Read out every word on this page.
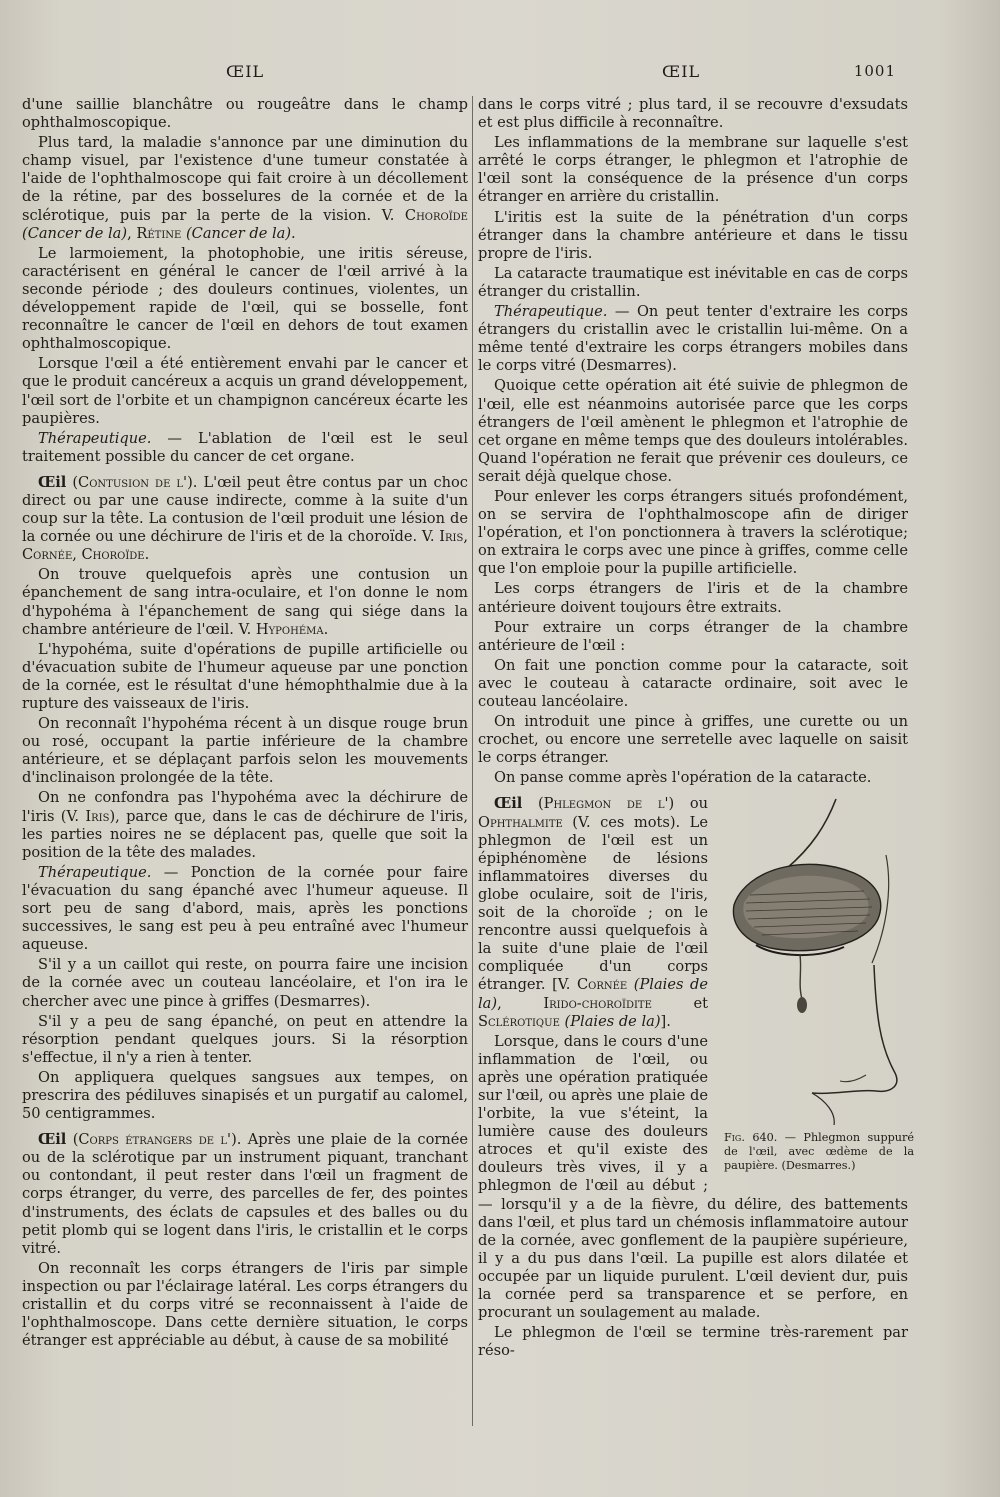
ŒIL	ŒIL	1001

d'une saillie blanchâtre ou rougeâtre dans le champ ophthalmoscopique.

Plus tard, la maladie s'annonce par une diminution du champ visuel, par l'existence d'une tumeur constatée à l'aide de l'ophthalmoscope qui fait croire à un décollement de la rétine, par des bosselures de la cornée et de la sclérotique, puis par la perte de la vision. V. Choroïde (Cancer de la), Rétine (Cancer de la).

Le larmoiement, la photophobie, une iritis séreuse, caractérisent en général le cancer de l'œil arrivé à la seconde période ; des douleurs continues, violentes, un développement rapide de l'œil, qui se bosselle, font reconnaître le cancer de l'œil en dehors de tout examen ophthalmoscopique.

Lorsque l'œil a été entièrement envahi par le cancer et que le produit cancéreux a acquis un grand développement, l'œil sort de l'orbite et un champignon cancéreux écarte les paupières.

Thérapeutique. — L'ablation de l'œil est le seul traitement possible du cancer de cet organe.

Œil (Contusion de l'). L'œil peut être contus par un choc direct ou par une cause indirecte, comme à la suite d'un coup sur la tête. La contusion de l'œil produit une lésion de la cornée ou une déchirure de l'iris et de la choroïde. V. Iris, Cornée, Choroïde.

On trouve quelquefois après une contusion un épanchement de sang intra-oculaire, et l'on donne le nom d'hypohéma à l'épanchement de sang qui siége dans la chambre antérieure de l'œil. V. Hypohéma.

L'hypohéma, suite d'opérations de pupille artificielle ou d'évacuation subite de l'humeur aqueuse par une ponction de la cornée, est le résultat d'une hémophthalmie due à la rupture des vaisseaux de l'iris.

On reconnaît l'hypohéma récent à un disque rouge brun ou rosé, occupant la partie inférieure de la chambre antérieure, et se déplaçant parfois selon les mouvements d'inclinaison prolongée de la tête.

On ne confondra pas l'hypohéma avec la déchirure de l'iris (V. Iris), parce que, dans le cas de déchirure de l'iris, les parties noires ne se déplacent pas, quelle que soit la position de la tête des malades.

Thérapeutique. — Ponction de la cornée pour faire l'évacuation du sang épanché avec l'humeur aqueuse. Il sort peu de sang d'abord, mais, après les ponctions successives, le sang est peu à peu entraîné avec l'humeur aqueuse.

S'il y a un caillot qui reste, on pourra faire une incision de la cornée avec un couteau lancéolaire, et l'on ira le chercher avec une pince à griffes (Desmarres).

S'il y a peu de sang épanché, on peut en attendre la résorption pendant quelques jours. Si la résorption s'effectue, il n'y a rien à tenter.

On appliquera quelques sangsues aux tempes, on prescrira des pédiluves sinapisés et un purgatif au calomel, 50 centigrammes.

Œil (Corps étrangers de l'). Après une plaie de la cornée ou de la sclérotique par un instrument piquant, tranchant ou contondant, il peut rester dans l'œil un fragment de corps étranger, du verre, des parcelles de fer, des pointes d'instruments, des éclats de capsules et des balles ou du petit plomb qui se logent dans l'iris, le cristallin et le corps vitré.

On reconnaît les corps étrangers de l'iris par simple inspection ou par l'éclairage latéral. Les corps étrangers du cristallin et du corps vitré se reconnaissent à l'aide de l'ophthalmoscope. Dans cette dernière situation, le corps étranger est appréciable au début, à cause de sa mobilité

dans le corps vitré ; plus tard, il se recouvre d'exsudats et est plus difficile à reconnaître.

Les inflammations de la membrane sur laquelle s'est arrêté le corps étranger, le phlegmon et l'atrophie de l'œil sont la conséquence de la présence d'un corps étranger en arrière du cristallin.

L'iritis est la suite de la pénétration d'un corps étranger dans la chambre antérieure et dans le tissu propre de l'iris.

La cataracte traumatique est inévitable en cas de corps étranger du cristallin.

Thérapeutique. — On peut tenter d'extraire les corps étrangers du cristallin avec le cristallin lui-même. On a même tenté d'extraire les corps étrangers mobiles dans le corps vitré (Desmarres).

Quoique cette opération ait été suivie de phlegmon de l'œil, elle est néanmoins autorisée parce que les corps étrangers de l'œil amènent le phlegmon et l'atrophie de cet organe en même temps que des douleurs intolérables. Quand l'opération ne ferait que prévenir ces douleurs, ce serait déjà quelque chose.

Pour enlever les corps étrangers situés profondément, on se servira de l'ophthalmoscope afin de diriger l'opération, et l'on ponctionnera à travers la sclérotique; on extraira le corps avec une pince à griffes, comme celle que l'on emploie pour la pupille artificielle.

Les corps étrangers de l'iris et de la chambre antérieure doivent toujours être extraits.

Pour extraire un corps étranger de la chambre antérieure de l'œil :

On fait une ponction comme pour la cataracte, soit avec le couteau à cataracte ordinaire, soit avec le couteau lancéolaire.

On introduit une pince à griffes, une curette ou un crochet, ou encore une serretelle avec laquelle on saisit le corps étranger.

On panse comme après l'opération de la cataracte.

Fig. 640. — Phlegmon suppuré de l'œil, avec œdème de la paupière. (Desmarres.)

Œil (Phlegmon de l') ou Ophthalmite (V. ces mots). Le phlegmon de l'œil est un épiphénomène de lésions inflammatoires diverses du globe oculaire, soit de l'iris, soit de la choroïde ; on le rencontre aussi quelquefois à la suite d'une plaie de l'œil compliquée d'un corps étranger. [V. Cornée (Plaies de la), Irido-choroïdite et Sclérotique (Plaies de la)].

Lorsque, dans le cours d'une inflammation de l'œil, ou après une opération pratiquée sur l'œil, ou après une plaie de l'orbite, la vue s'éteint, la lumière cause des douleurs atroces et qu'il existe des douleurs très vives, il y a phlegmon de l'œil au début ; — lorsqu'il y a de la fièvre, du délire, des battements dans l'œil, et plus tard un chémosis inflammatoire autour de la cornée, avec gonflement de la paupière supérieure, il y a du pus dans l'œil. La pupille est alors dilatée et occupée par un liquide purulent. L'œil devient dur, puis la cornée perd sa transparence et se perfore, en procurant un soulagement au malade.

Le phlegmon de l'œil se termine très-rarement par réso-
